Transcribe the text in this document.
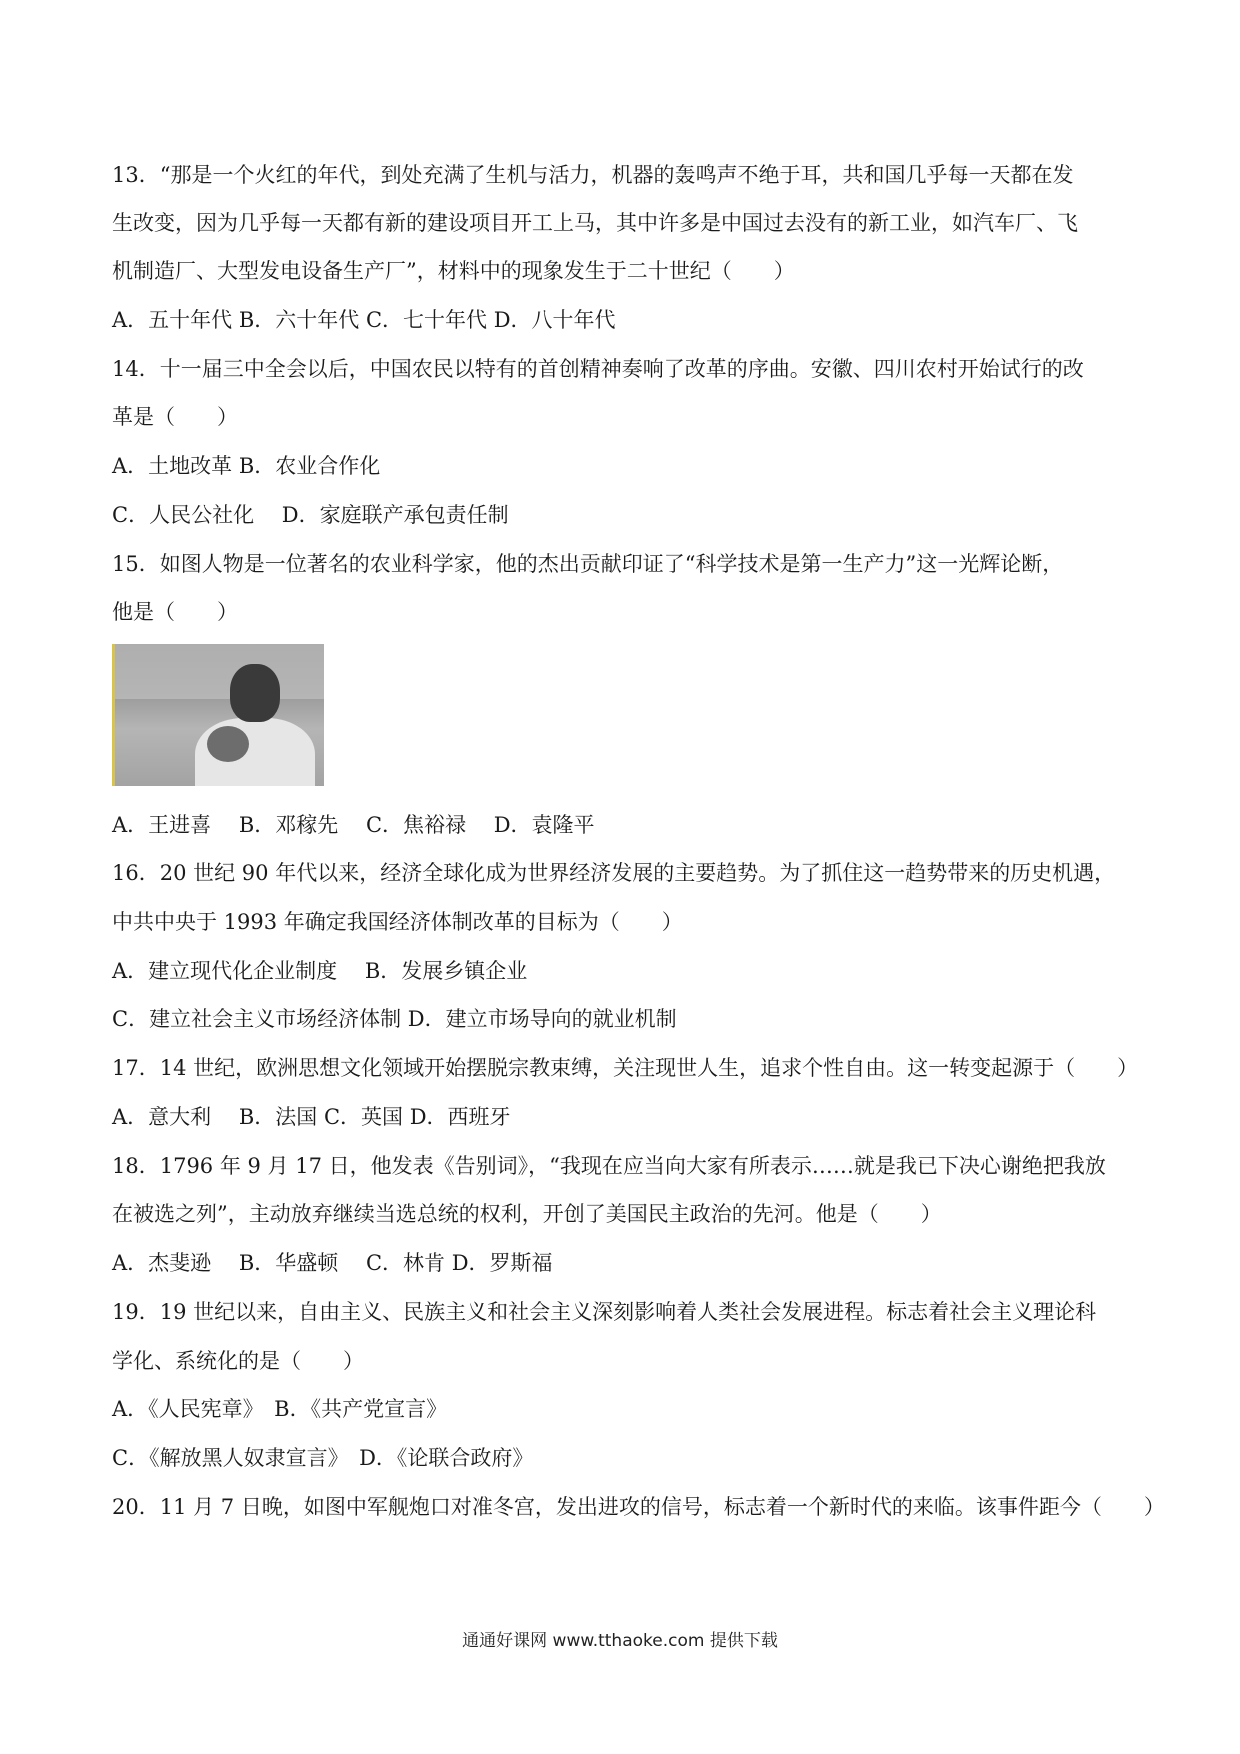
13．“那是一个火红的年代，到处充满了生机与活力，机器的轰鸣声不绝于耳，共和国几乎每一天都在发
生改变，因为几乎每一天都有新的建设项目开工上马，其中许多是中国过去没有的新工业，如汽车厂、飞
机制造厂、大型发电设备生产厂”，材料中的现象发生于二十世纪（　　）
A．五十年代 B．六十年代 C．七十年代 D．八十年代
14．十一届三中全会以后，中国农民以特有的首创精神奏响了改革的序曲。安徽、四川农村开始试行的改
革是（　　）
A．土地改革 B．农业合作化
C．人民公社化　 D．家庭联产承包责任制
15．如图人物是一位著名的农业科学家，他的杰出贡献印证了“科学技术是第一生产力”这一光辉论断，
他是（　　）
A．王进喜　 B．邓稼先　 C．焦裕禄　 D．袁隆平
16．20 世纪 90 年代以来，经济全球化成为世界经济发展的主要趋势。为了抓住这一趋势带来的历史机遇，
中共中央于 1993 年确定我国经济体制改革的目标为（　　）
A．建立现代化企业制度　 B．发展乡镇企业
C．建立社会主义市场经济体制 D．建立市场导向的就业机制
17．14 世纪，欧洲思想文化领域开始摆脱宗教束缚，关注现世人生，追求个性自由。这一转变起源于（　　）
A．意大利　 B．法国 C．英国 D．西班牙
18．1796 年 9 月 17 日，他发表《告别词》，“我现在应当向大家有所表示……就是我已下决心谢绝把我放
在被选之列”，主动放弃继续当选总统的权利，开创了美国民主政治的先河。他是（　　）
A．杰斐逊　 B．华盛顿　 C．林肯 D．罗斯福
19．19 世纪以来，自由主义、民族主义和社会主义深刻影响着人类社会发展进程。标志着社会主义理论科
学化、系统化的是（　　）
A．《人民宪章》　B．《共产党宣言》
C．《解放黑人奴隶宣言》　D．《论联合政府》
20．11 月 7 日晚，如图中军舰炮口对准冬宫，发出进攻的信号，标志着一个新时代的来临。该事件距今（　　）
通通好课网 www.tthaoke.com 提供下载
